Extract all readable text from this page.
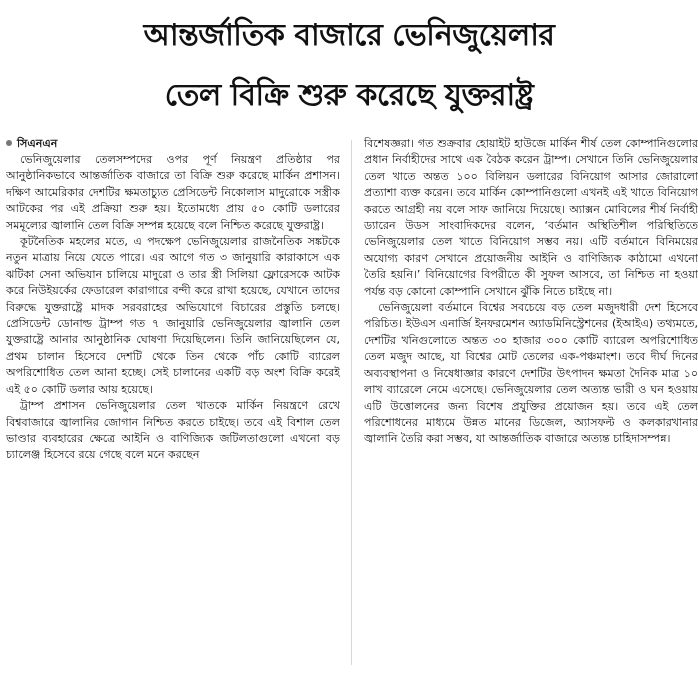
আন্তর্জাতিক বাজারে ভেনিজুয়েলার
তেল বিক্রি শুরু করেছে যুক্তরাষ্ট্র
সিএনএন

ভেনিজুয়েলার তেলসম্পদের ওপর পূর্ণ নিয়ন্ত্রণ প্রতিষ্ঠার পর আনুষ্ঠানিকভাবে আন্তর্জাতিক বাজারে তা বিক্রি শুরু করেছে মার্কিন প্রশাসন। দক্ষিণ আমেরিকার দেশটির ক্ষমতাচ্যুত প্রেসিডেন্ট নিকোলাস মাদুরোকে সস্ত্রীক আটকের পর এই প্রক্রিয়া শুরু হয়। ইতোমধ্যে প্রায় ৫০ কোটি ডলারের সমমূল্যের জ্বালানি তেল বিক্রি সম্পন্ন হয়েছে বলে নিশ্চিত করেছে যুক্তরাষ্ট্র।

কূটনৈতিক মহলের মতে, এ পদক্ষেপ ভেনিজুয়েলার রাজনৈতিক সঙ্কটকে নতুন মাত্রায় নিয়ে যেতে পারে। এর আগে গত ৩ জানুয়ারি কারাকাসে এক ঝটিকা সেনা অভিযান চালিয়ে মাদুরো ও তার স্ত্রী সিলিয়া ফ্লোরেসকে আটক করে নিউইয়র্কের ফেডারেল কারাগারে বন্দী করে রাখা হয়েছে, যেখানে তাদের বিরুদ্ধে যুক্তরাষ্ট্রে মাদক সরবরাহের অভিযোগে বিচারের প্রস্তুতি চলছে। প্রেসিডেন্ট ডোনাল্ড ট্রাম্প গত ৭ জানুয়ারি ভেনিজুয়েলার জ্বালানি তেল যুক্তরাষ্ট্রে আনার আনুষ্ঠানিক ঘোষণা দিয়েছিলেন। তিনি জানিয়েছিলেন যে, প্রথম চালান হিসেবে দেশটি থেকে তিন থেকে পাঁচ কোটি ব্যারেল অপরিশোধিত তেল আনা হচ্ছে। সেই চালানের একটি বড় অংশ বিক্রি করেই এই ৫০ কোটি ডলার আয় হয়েছে।

ট্রাম্প প্রশাসন ভেনিজুয়েলার তেল খাতকে মার্কিন নিয়ন্ত্রণে রেখে বিশ্ববাজারে জ্বালানির জোগান নিশ্চিত করতে চাইছে। তবে এই বিশাল তেল ভাণ্ডার ব্যবহারের ক্ষেত্রে আইনি ও বাণিজ্যিক জটিলতাগুলো এখনো বড় চ্যালেঞ্জ হিসেবে রয়ে গেছে বলে মনে করছেন

বিশেষজ্ঞরা। গত শুক্রবার হোয়াইট হাউজে মার্কিন শীর্ষ তেল কোম্পানিগুলোর প্রধান নির্বাহীদের সাথে এক বৈঠক করেন ট্রাম্প। সেখানে তিনি ভেনিজুয়েলার তেল খাতে অন্তত ১০০ বিলিয়ন ডলারের বিনিয়োগ আসার জোরালো প্রত্যাশা ব্যক্ত করেন। তবে মার্কিন কোম্পানিগুলো এখনই এই খাতে বিনিয়োগ করতে আগ্রহী নয় বলে সাফ জানিয়ে দিয়েছে। অ্যাক্সন মোবিলের শীর্ষ নির্বাহী ড্যারেন উডস সাংবাদিকদের বলেন, ‘বর্তমান অস্থিতিশীল পরিস্থিতিতে ভেনিজুয়েলার তেল খাতে বিনিয়োগ সম্ভব নয়। এটি বর্তমানে বিনিময়ের অযোগ্য কারণ সেখানে প্রয়োজনীয় আইনি ও বাণিজ্যিক কাঠামো এখনো তৈরি হয়নি।’ বিনিয়োগের বিপরীতে কী সুফল আসবে, তা নিশ্চিত না হওয়া পর্যন্ত বড় কোনো কোম্পানি সেখানে ঝুঁকি নিতে চাইছে না।

ভেনিজুয়েলা বর্তমানে বিশ্বের সবচেয়ে বড় তেল মজুদধারী দেশ হিসেবে পরিচিত। ইউএস এনার্জি ইনফরমেশন অ্যাডমিনিস্ট্রেশনের (ইআইএ) তথ্যমতে, দেশটির খনিগুলোতে অন্তত ৩০ হাজার ৩০০ কোটি ব্যারেল অপরিশোধিত তেল মজুদ আছে, যা বিশ্বের মোট তেলের এক-পঞ্চমাংশ। তবে দীর্ঘ দিনের অব্যবস্থাপনা ও নিষেধাজ্ঞার কারণে দেশটির উৎপাদন ক্ষমতা দৈনিক মাত্র ১০ লাখ ব্যারেলে নেমে এসেছে। ভেনিজুয়েলার তেল অত্যন্ত ভারী ও ঘন হওয়ায় এটি উত্তোলনের জন্য বিশেষ প্রযুক্তির প্রয়োজন হয়। তবে এই তেল পরিশোধনের মাধ্যমে উন্নত মানের ডিজেল, অ্যাসফল্ট ও কলকারখানার জ্বালানি তৈরি করা সম্ভব, যা আন্তর্জাতিক বাজারে অত্যন্ত চাহিদাসম্পন্ন।
